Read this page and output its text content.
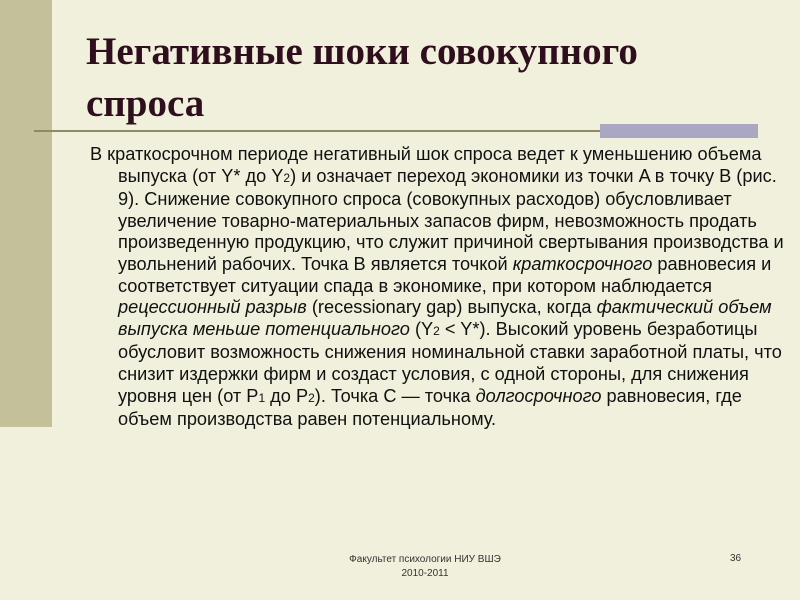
Негативные шоки совокупного спроса

В краткосрочном периоде негативный шок спроса ведет к уменьшению объема выпуска (от Y* до Y2) и означает переход экономики из точки A в точку B (рис. 9). Снижение совокупного спроса (совокупных расходов) обусловливает увеличение товарно-материальных запасов фирм, невозможность продать произведенную продукцию, что служит причиной свертывания производства и увольнений рабочих. Точка B является точкой краткосрочного равновесия и соответствует ситуации спада в экономике, при котором наблюдается рецессионный разрыв (recessionary gap) выпуска, когда фактический объем выпуска меньше потенциального (Y2 < Y*). Высокий уровень безработицы обусловит возможность снижения номинальной ставки заработной платы, что снизит издержки фирм и создаст условия, с одной стороны, для снижения уровня цен (от P1 до P2). Точка C — точка долгосрочного равновесия, где объем производства равен потенциальному.

Факультет психологии НИУ ВШЭ
2010-2011
36
